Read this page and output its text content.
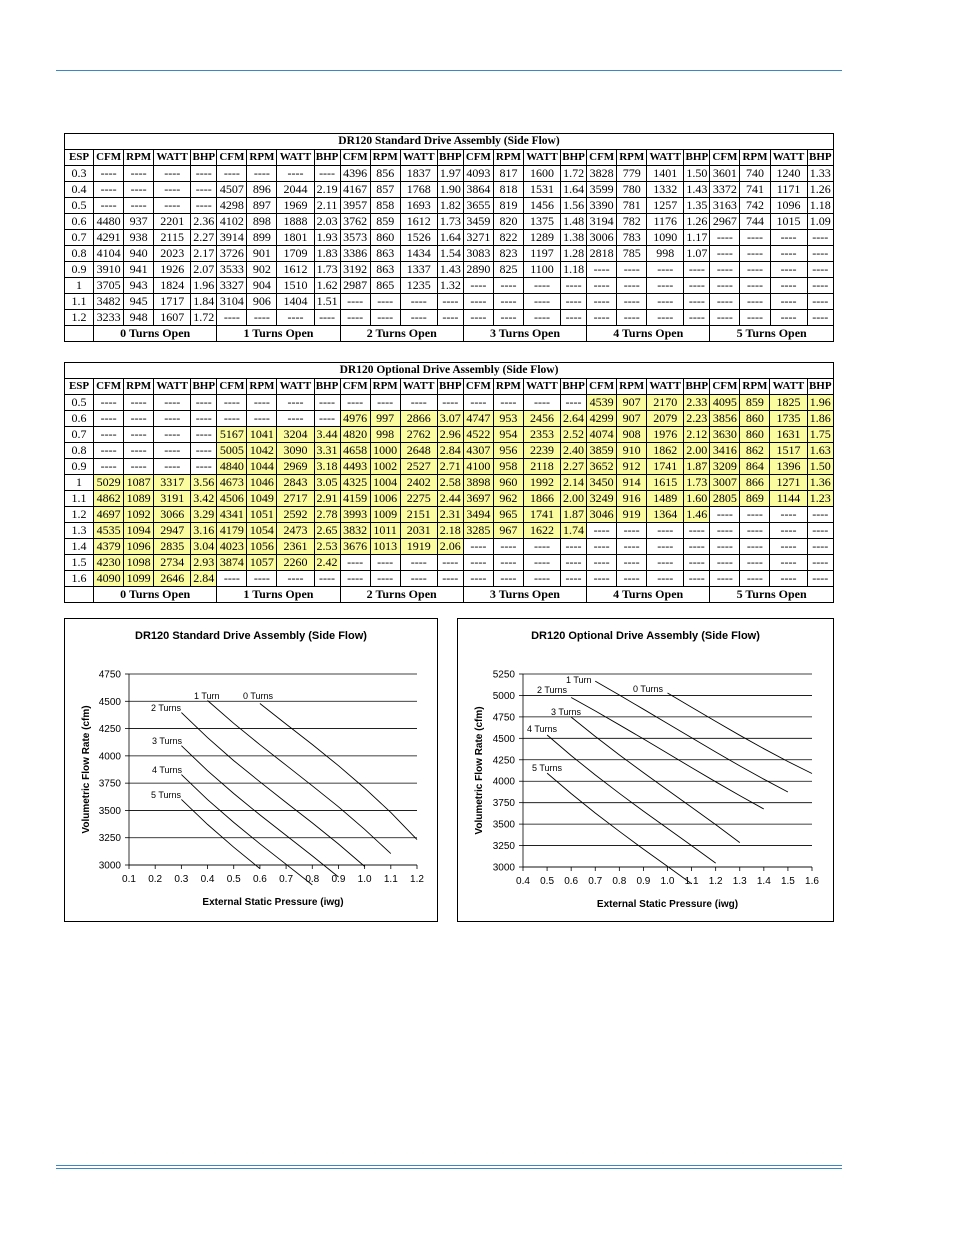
DR120 Standard Drive Assembly (Side Flow)																								
ESP	CFM	RPM	WATT	BHP	CFM	RPM	WATT	BHP	CFM	RPM	WATT	BHP	CFM	RPM	WATT	BHP	CFM	RPM	WATT	BHP	CFM	RPM	WATT	BHP
0.3	----	----	----	----	----	----	----	----	4396	856	1837	1.97	4093	817	1600	1.72	3828	779	1401	1.50	3601	740	1240	1.33
0.4	----	----	----	----	4507	896	2044	2.19	4167	857	1768	1.90	3864	818	1531	1.64	3599	780	1332	1.43	3372	741	1171	1.26
0.5	----	----	----	----	4298	897	1969	2.11	3957	858	1693	1.82	3655	819	1456	1.56	3390	781	1257	1.35	3163	742	1096	1.18
0.6	4480	937	2201	2.36	4102	898	1888	2.03	3762	859	1612	1.73	3459	820	1375	1.48	3194	782	1176	1.26	2967	744	1015	1.09
0.7	4291	938	2115	2.27	3914	899	1801	1.93	3573	860	1526	1.64	3271	822	1289	1.38	3006	783	1090	1.17	----	----	----	----
0.8	4104	940	2023	2.17	3726	901	1709	1.83	3386	863	1434	1.54	3083	823	1197	1.28	2818	785	998	1.07	----	----	----	----
0.9	3910	941	1926	2.07	3533	902	1612	1.73	3192	863	1337	1.43	2890	825	1100	1.18	----	----	----	----	----	----	----	----
1	3705	943	1824	1.96	3327	904	1510	1.62	2987	865	1235	1.32	----	----	----	----	----	----	----	----	----	----	----	----
1.1	3482	945	1717	1.84	3104	906	1404	1.51	----	----	----	----	----	----	----	----	----	----	----	----	----	----	----	----
1.2	3233	948	1607	1.72	----	----	----	----	----	----	----	----	----	----	----	----	----	----	----	----	----	----	----	----
	0 Turns Open				1 Turns Open				2 Turns Open				3 Turns Open				4 Turns Open				5 Turns Open			
DR120 Optional Drive Assembly (Side Flow)																								
ESP	CFM	RPM	WATT	BHP	CFM	RPM	WATT	BHP	CFM	RPM	WATT	BHP	CFM	RPM	WATT	BHP	CFM	RPM	WATT	BHP	CFM	RPM	WATT	BHP
0.5	----	----	----	----	----	----	----	----	----	----	----	----	----	----	----	----	4539	907	2170	2.33	4095	859	1825	1.96
0.6	----	----	----	----	----	----	----	----	4976	997	2866	3.07	4747	953	2456	2.64	4299	907	2079	2.23	3856	860	1735	1.86
0.7	----	----	----	----	5167	1041	3204	3.44	4820	998	2762	2.96	4522	954	2353	2.52	4074	908	1976	2.12	3630	860	1631	1.75
0.8	----	----	----	----	5005	1042	3090	3.31	4658	1000	2648	2.84	4307	956	2239	2.40	3859	910	1862	2.00	3416	862	1517	1.63
0.9	----	----	----	----	4840	1044	2969	3.18	4493	1002	2527	2.71	4100	958	2118	2.27	3652	912	1741	1.87	3209	864	1396	1.50
1	5029	1087	3317	3.56	4673	1046	2843	3.05	4325	1004	2402	2.58	3898	960	1992	2.14	3450	914	1615	1.73	3007	866	1271	1.36
1.1	4862	1089	3191	3.42	4506	1049	2717	2.91	4159	1006	2275	2.44	3697	962	1866	2.00	3249	916	1489	1.60	2805	869	1144	1.23
1.2	4697	1092	3066	3.29	4341	1051	2592	2.78	3993	1009	2151	2.31	3494	965	1741	1.87	3046	919	1364	1.46	----	----	----	----
1.3	4535	1094	2947	3.16	4179	1054	2473	2.65	3832	1011	2031	2.18	3285	967	1622	1.74	----	----	----	----	----	----	----	----
1.4	4379	1096	2835	3.04	4023	1056	2361	2.53	3676	1013	1919	2.06	----	----	----	----	----	----	----	----	----	----	----	----
1.5	4230	1098	2734	2.93	3874	1057	2260	2.42	----	----	----	----	----	----	----	----	----	----	----	----	----	----	----	----
1.6	4090	1099	2646	2.84	----	----	----	----	----	----	----	----	----	----	----	----	----	----	----	----	----	----	----	----
	0 Turns Open				1 Turns Open				2 Turns Open				3 Turns Open				4 Turns Open				5 Turns Open			
DR120 Standard Drive Assembly (Side Flow)
3000
3250
3500
3750
4000
4250
4500
4750
0.1 0.2 0.3 0.4 0.5 0.6 0.7 0.8 0.9 1.0 1.1 1.2
External Static Pressure (iwg)
Volumetric Flow Rate (cfm)
0 Turns
1 Turn
2 Turns
3 Turns
4 Turns
5 Turns
DR120 Optional Drive Assembly (Side Flow)
3000
3250
3500
3750
4000
4250
4500
4750
5000
5250
0.4 0.5 0.6 0.7 0.8 0.9 1.0 1.1 1.2 1.3 1.4 1.5 1.6
External Static Pressure (iwg)
Volumetric Flow Rate (cfm)
0 Turns
1 Turn
2 Turns
3 Turns
4 Turns
5 Turns
